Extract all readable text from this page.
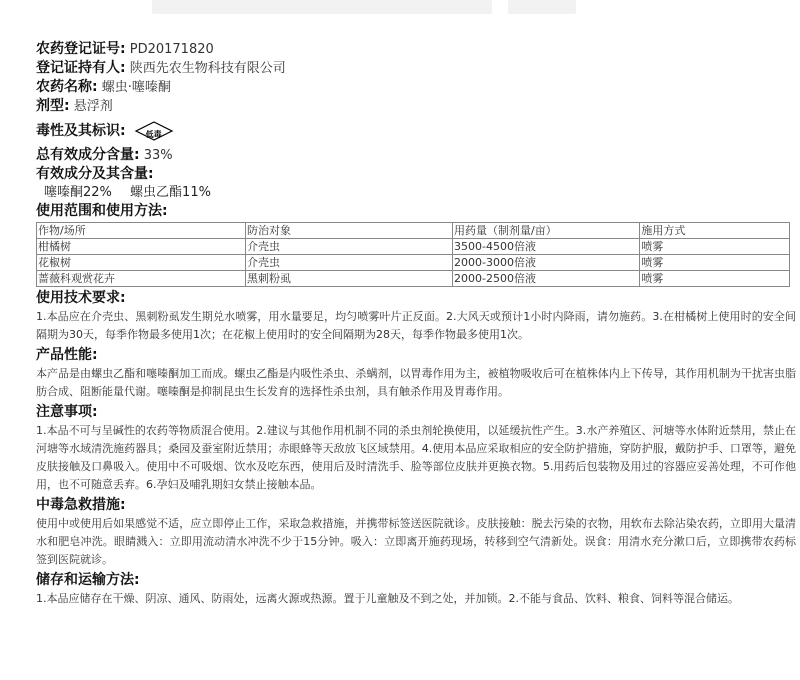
农药登记证号: PD20171820
登记证持有人: 陕西先农生物科技有限公司
农药名称: 螺虫·噻嗪酮
剂型: 悬浮剂
毒性及其标识:	低毒
总有效成分含量: 33%
有效成分及其含量:
噻嗪酮22% 螺虫乙酯11%
使用范围和使用方法:
作物/场所	防治对象	用药量（制剂量/亩）	施用方式
柑橘树	介壳虫	3500-4500倍液	喷雾
花椒树	介壳虫	2000-3000倍液	喷雾
蔷薇科观赏花卉	黑刺粉虱	2000-2500倍液	喷雾
使用技术要求:
1.本品应在介壳虫、黑刺粉虱发生期兑水喷雾，用水量要足，均匀喷雾叶片正反面。2.大风天或预计1小时内降雨，请勿施药。3.在柑橘树上使用时的安全间隔期为30天，每季作物最多使用1次；在花椒上使用时的安全间隔期为28天，每季作物最多使用1次。
产品性能:
本产品是由螺虫乙酯和噻嗪酮加工而成。螺虫乙酯是内吸性杀虫、杀螨剂，以胃毒作用为主，被植物吸收后可在植株体内上下传导，其作用机制为干扰害虫脂肪合成、阻断能量代谢。噻嗪酮是抑制昆虫生长发育的选择性杀虫剂，具有触杀作用及胃毒作用。
注意事项:
1.本品不可与呈碱性的农药等物质混合使用。2.建议与其他作用机制不同的杀虫剂轮换使用，以延缓抗性产生。3.水产养殖区、河塘等水体附近禁用，禁止在河塘等水域清洗施药器具；桑园及蚕室附近禁用；赤眼蜂等天敌放飞区域禁用。4.使用本品应采取相应的安全防护措施，穿防护服，戴防护手、口罩等，避免皮肤接触及口鼻吸入。使用中不可吸烟、饮水及吃东西，使用后及时清洗手、脸等部位皮肤并更换衣物。5.用药后包装物及用过的容器应妥善处理，不可作他用，也不可随意丢弃。6.孕妇及哺乳期妇女禁止接触本品。
中毒急救措施:
使用中或使用后如果感觉不适，应立即停止工作，采取急救措施，并携带标签送医院就诊。皮肤接触：脱去污染的衣物，用软布去除沾染农药，立即用大量清水和肥皂冲洗。眼睛溅入：立即用流动清水冲洗不少于15分钟。吸入：立即离开施药现场，转移到空气清新处。误食：用清水充分漱口后，立即携带农药标签到医院就诊。
储存和运输方法:
1.本品应储存在干燥、阴凉、通风、防雨处，远离火源或热源。置于儿童触及不到之处，并加锁。2.不能与食品、饮料、粮食、饲料等混合储运。
